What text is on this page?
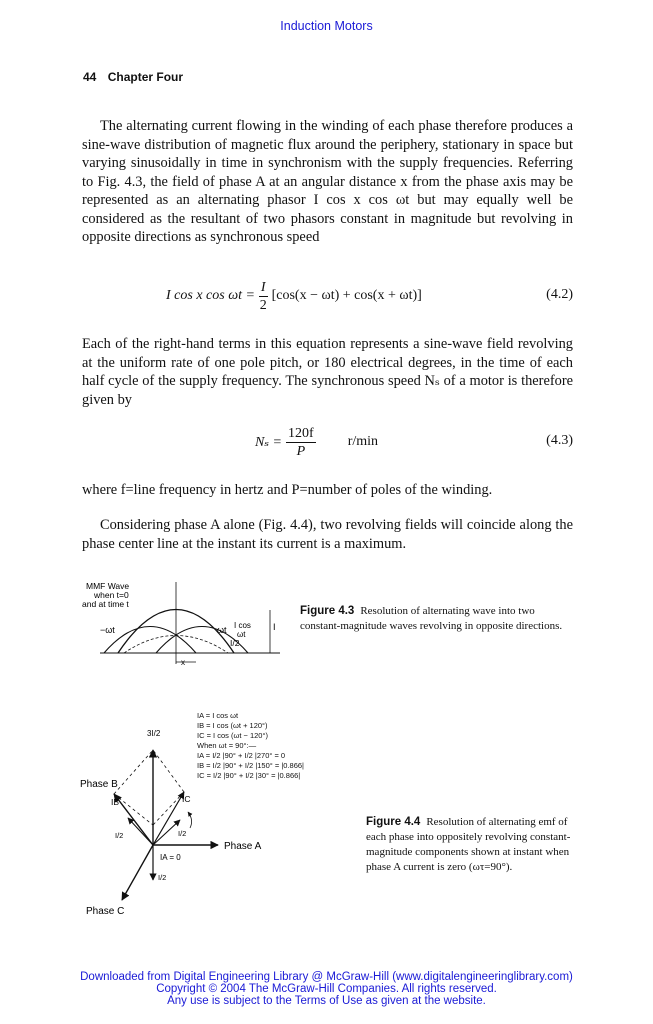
Induction Motors
44 Chapter Four

The alternating current flowing in the winding of each phase therefore produces a sine-wave distribution of magnetic flux around the periphery, stationary in space but varying sinusoidally in time in synchronism with the supply frequencies. Referring to Fig. 4.3, the field of phase A at an angular distance x from the phase axis may be represented as an alternating phasor I cos x cos ωt but may equally well be considered as the resultant of two phasors constant in magnitude but revolving in opposite directions as synchronous speed

I cos x $\cos \omega t = \frac{I}{2} [\cos(x - \omega t) + \cos(x + \omega t)]$	(4.2)

Each of the right-hand terms in this equation represents a sine-wave field revolving at the uniform rate of one pole pitch, or 180 electrical degrees, in the time of each half cycle of the supply frequency. The synchronous speed Nₛ of a motor is therefore given by

$N_s = \frac{120f}{P} r/\min$	(4.3)

where f=line frequency in hertz and P=number of poles of the winding.

Considering phase A alone (Fig. 4.4), two revolving fields will coincide along the phase center line at the instant its current is a maximum.

MMF Wave
when t=0
and at time t
−ωt	ωt I cos
ωt
I/2
I
x
Figure 4.3 Resolution of alternating wave into two constant-magnitude waves revolving in opposite directions.
IA = I cos ωt
IB = I cos (ωt + 120°)
IC = I cos (ωt − 120°)
When ωt = 90°:—
IA = I/2 |90° + I/2 |270° = 0
IB = I/2 |90° + I/2 |150° = |0.866|
IC = I/2 |90° + I/2 |30° = |0.866|
3I/2
Phase B
IB	IC
I/2	I/2
IA = 0
I/2
Phase A
Phase C
Figure 4.4 Resolution of alternating emf of each phase into oppositely revolving constant-magnitude components shown at instant when phase A current is zero (ωτ=90°).
Downloaded from Digital Engineering Library @ McGraw-Hill (www.digitalengineeringlibrary.com)
Copyright © 2004 The McGraw-Hill Companies. All rights reserved.
Any use is subject to the Terms of Use as given at the website.
